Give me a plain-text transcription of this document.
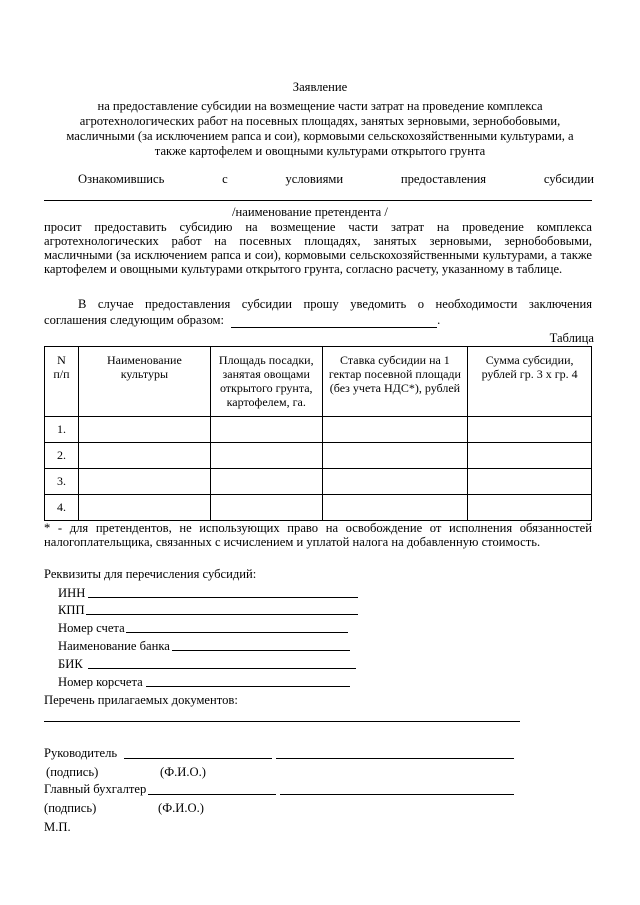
Заявление
на предоставление субсидии на возмещение части затрат на проведение комплекса
агротехнологических работ на посевных площадях, занятых зерновыми, зернобобовыми,
масличными (за исключением рапса и сои), кормовыми сельскохозяйственными культурами, а
также картофелем и овощными культурами открытого грунта
Ознакомившись	с	условиями	предоставления	субсидии
/наименование претендента /
просит предоставить субсидию на возмещение части затрат на проведение комплекса агротехнологических работ на посевных площадях, занятых зерновыми, зернобобовыми, масличными (за исключением рапса и сои), кормовыми сельскохозяйственными культурами, а также картофелем и овощными культурами открытого грунта, согласно расчету, указанному в таблице.
В случае предоставления субсидии прошу уведомить о необходимости заключения
соглашения следующим образом:	.
Таблица
N п/п	Наименование культуры	Площадь посадки, занятая овощами открытого грунта, картофелем, га.	Ставка субсидии на 1 гектар посевной площади (без учета НДС*), рублей	Сумма субсидии, рублей гр. 3 х гр. 4
1.				
2.				
3.				
4.				
* - для претендентов, не использующих право на освобождение от исполнения обязанностей налогоплательщика, связанных с исчислением и уплатой налога на добавленную стоимость.
Реквизиты для перечисления субсидий:
ИНН
КПП
Номер счета
Наименование банка
БИК
Номер корсчета
Перечень прилагаемых документов:
Руководитель
(подпись)	(Ф.И.О.)
Главный бухгалтер
(подпись)	(Ф.И.О.)
М.П.
